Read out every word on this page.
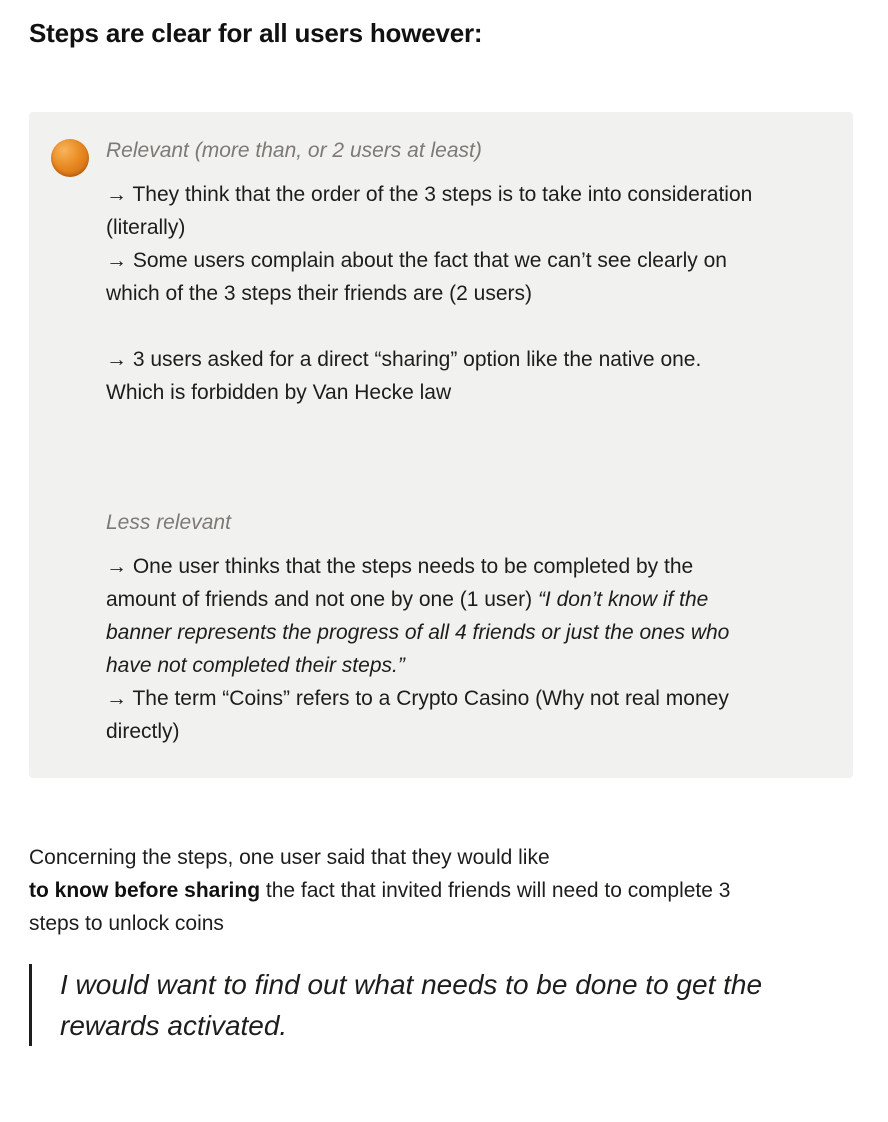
Steps are clear for all users however:

Relevant (more than, or 2 users at least)

→ They think that the order of the 3 steps is to take into consideration

(literally)

→ Some users complain about the fact that we can’t see clearly on

which of the 3 steps their friends are (2 users)

→ 3 users asked for a direct “sharing” option like the native one.

Which is forbidden by Van Hecke law

Less relevant

→ One user thinks that the steps needs to be completed by the

amount of friends and not one by one (1 user) “I don’t know if the

banner represents the progress of all 4 friends or just the ones who

have not completed their steps.”

→ The term “Coins” refers to a Crypto Casino (Why not real money

directly)

Concerning the steps, one user said that they would like
to know before sharing the fact that invited friends will need to complete 3
steps to unlock coins

I would want to find out what needs to be done to get the

rewards activated.
